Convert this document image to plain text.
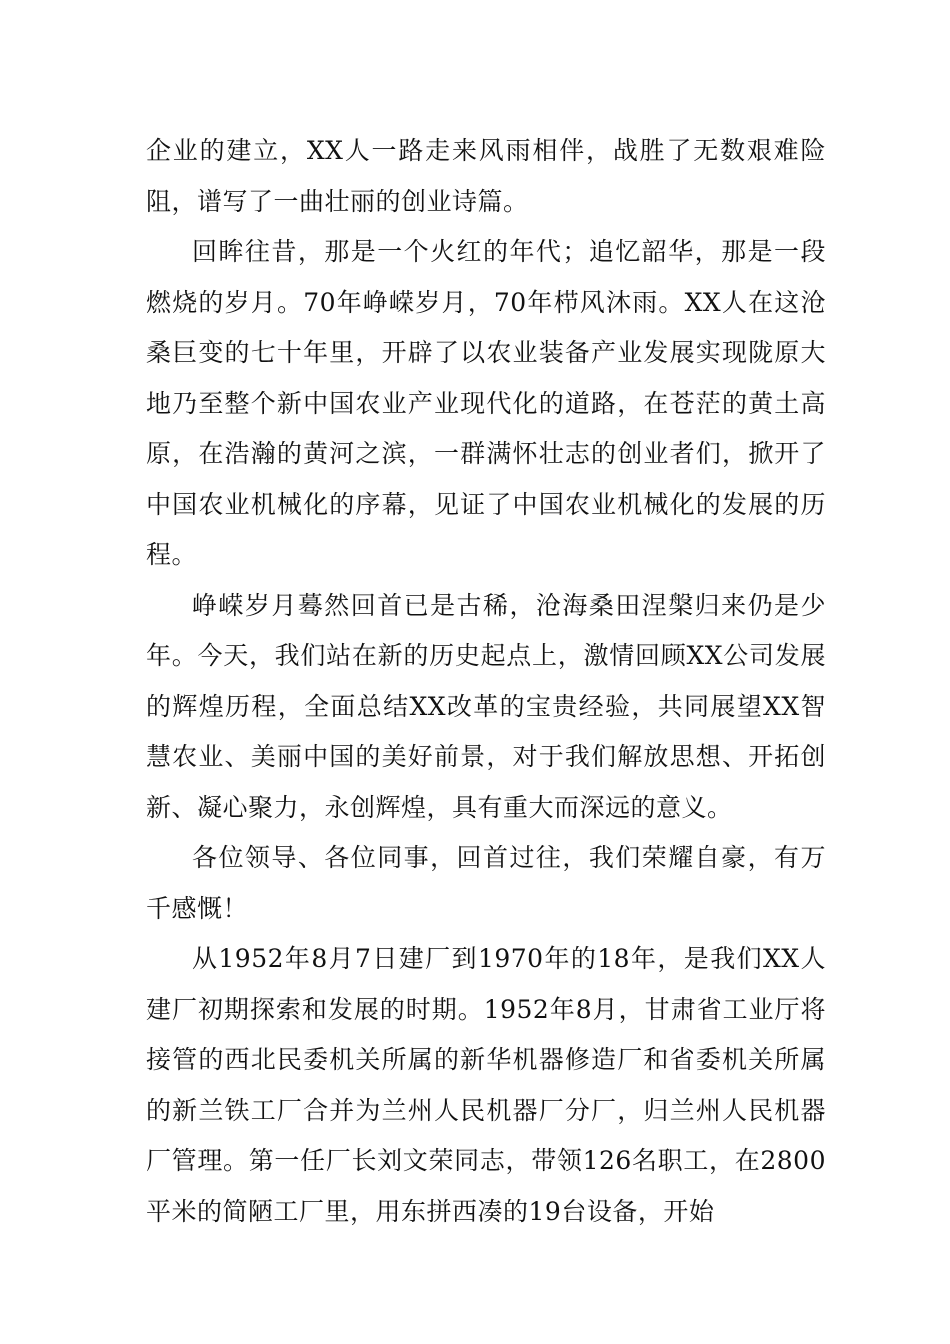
企业的建立，XX人一路走来风雨相伴，战胜了无数艰难险阻，谱写了一曲壮丽的创业诗篇。

回眸往昔，那是一个火红的年代；追忆韶华，那是一段燃烧的岁月。70年峥嵘岁月，70年栉风沐雨。XX人在这沧桑巨变的七十年里，开辟了以农业装备产业发展实现陇原大地乃至整个新中国农业产业现代化的道路，在苍茫的黄土高原，在浩瀚的黄河之滨，一群满怀壮志的创业者们，掀开了中国农业机械化的序幕，见证了中国农业机械化的发展的历程。

峥嵘岁月蓦然回首已是古稀，沧海桑田涅槃归来仍是少年。今天，我们站在新的历史起点上，激情回顾XX公司发展的辉煌历程，全面总结XX改革的宝贵经验，共同展望XX智慧农业、美丽中国的美好前景，对于我们解放思想、开拓创新、凝心聚力，永创辉煌，具有重大而深远的意义。

各位领导、各位同事，回首过往，我们荣耀自豪，有万千感慨！

从1952年8月7日建厂到1970年的18年，是我们XX人建厂初期探索和发展的时期。1952年8月，甘肃省工业厅将接管的西北民委机关所属的新华机器修造厂和省委机关所属的新兰铁工厂合并为兰州人民机器厂分厂，归兰州人民机器厂管理。第一任厂长刘文荣同志，带领126名职工，在2800平米的简陋工厂里，用东拼西凑的19台设备，开始
